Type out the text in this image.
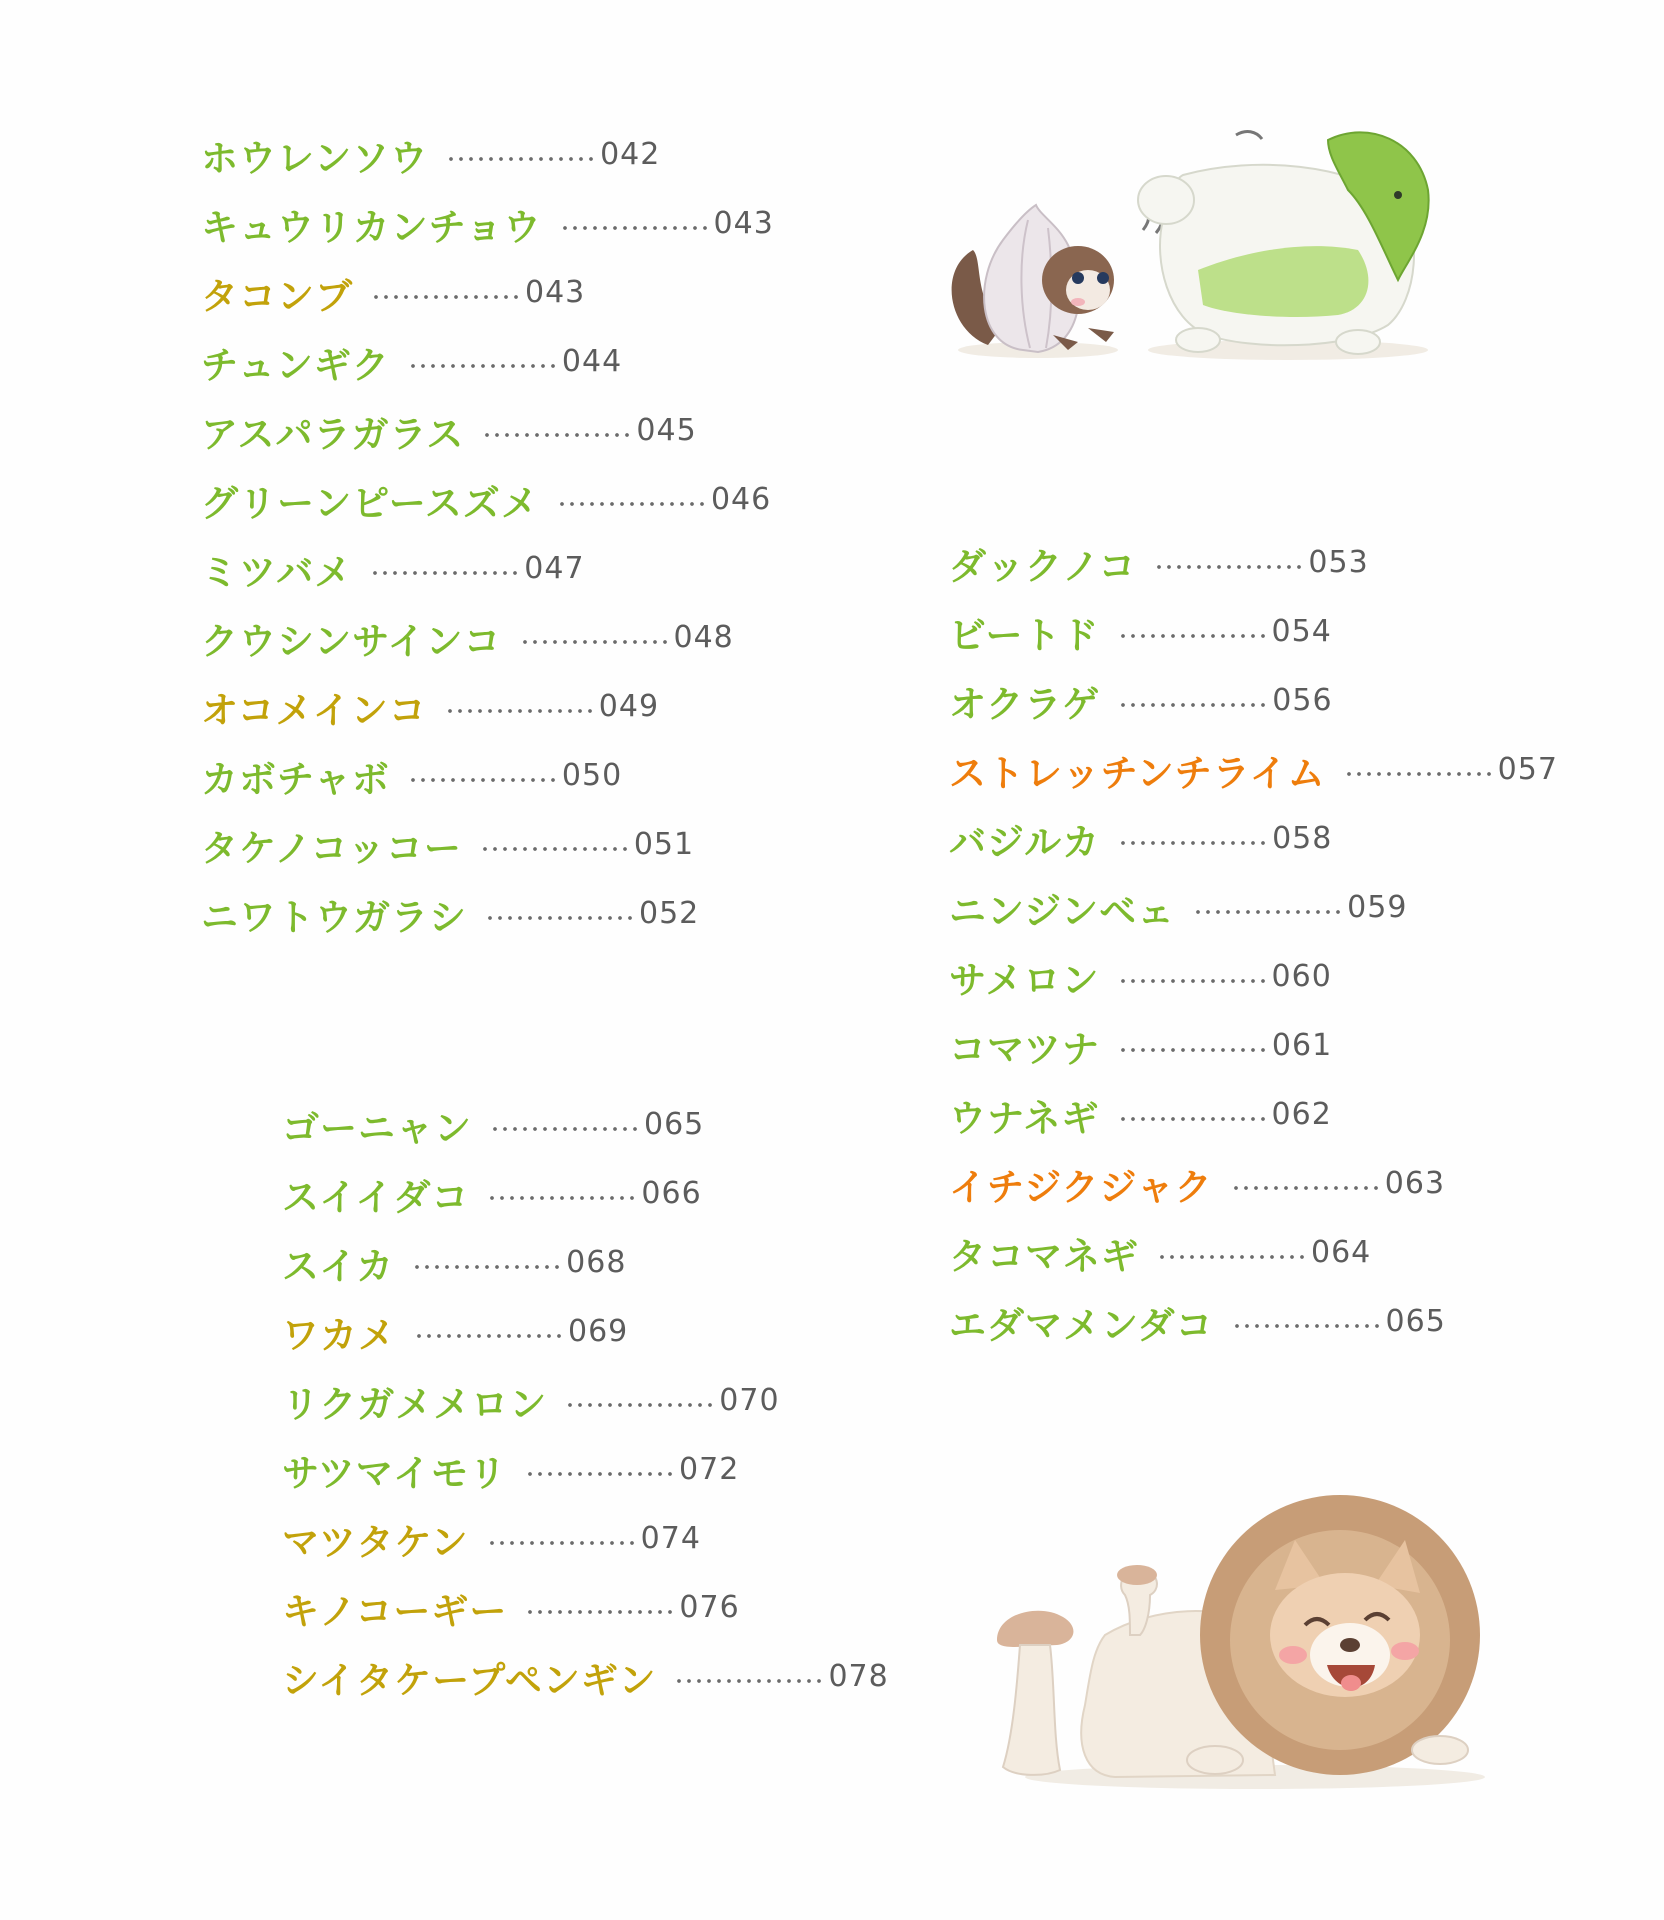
ホウレンソウ	042
キュウリカンチョウ	043
タコンブ	043
チュンギク	044
アスパラガラス	045
グリーンピースズメ	046
ミツバメ	047
クウシンサインコ	048
オコメインコ	049
カボチャボ	050
タケノコッコー	051
ニワトウガラシ	052
ダックノコ	053
ビートド	054
オクラゲ	056
ストレッチンチライム	057
バジルカ	058
ニンジンベェ	059
サメロン	060
コマツナ	061
ウナネギ	062
イチジクジャク	063
タコマネギ	064
エダマメンダコ	065
ゴーニャン	065
スイイダコ	066
スイカ	068
ワカメ	069
リクガメメロン	070
サツマイモリ	072
マツタケン	074
キノコーギー	076
シイタケープペンギン	078
